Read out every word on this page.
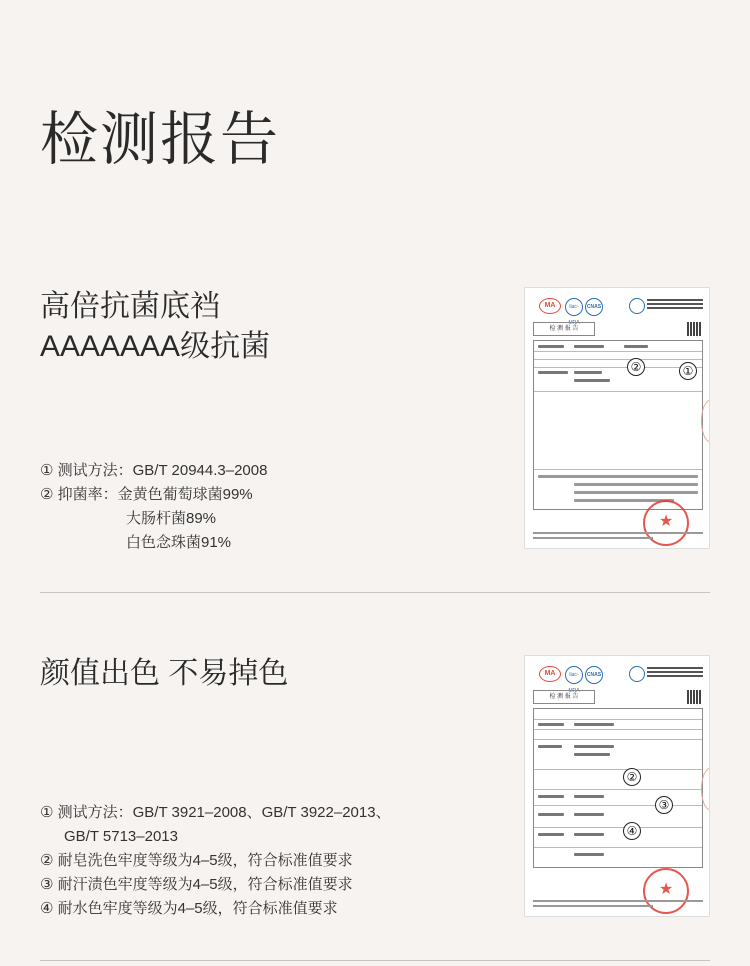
检测报告
高倍抗菌底裆
AAAAAAA级抗菌
① 测试方法：GB/T 20944.3–2008
② 抑菌率：金黄色葡萄球菌99%
大肠杆菌89%
白色念珠菌91%
MA	ilac-MRA
CNAS
检 测 报 告
②	①
★
颜值出色 不易掉色
① 测试方法：GB/T 3921–2008、GB/T 3922–2013、
GB/T 5713–2013
② 耐皂洗色牢度等级为4–5级，符合标准值要求
③ 耐汗渍色牢度等级为4–5级，符合标准值要求
④ 耐水色牢度等级为4–5级，符合标准值要求
MA	ilac-MRA
CNAS
检 测 报 告
②
③
④
★
